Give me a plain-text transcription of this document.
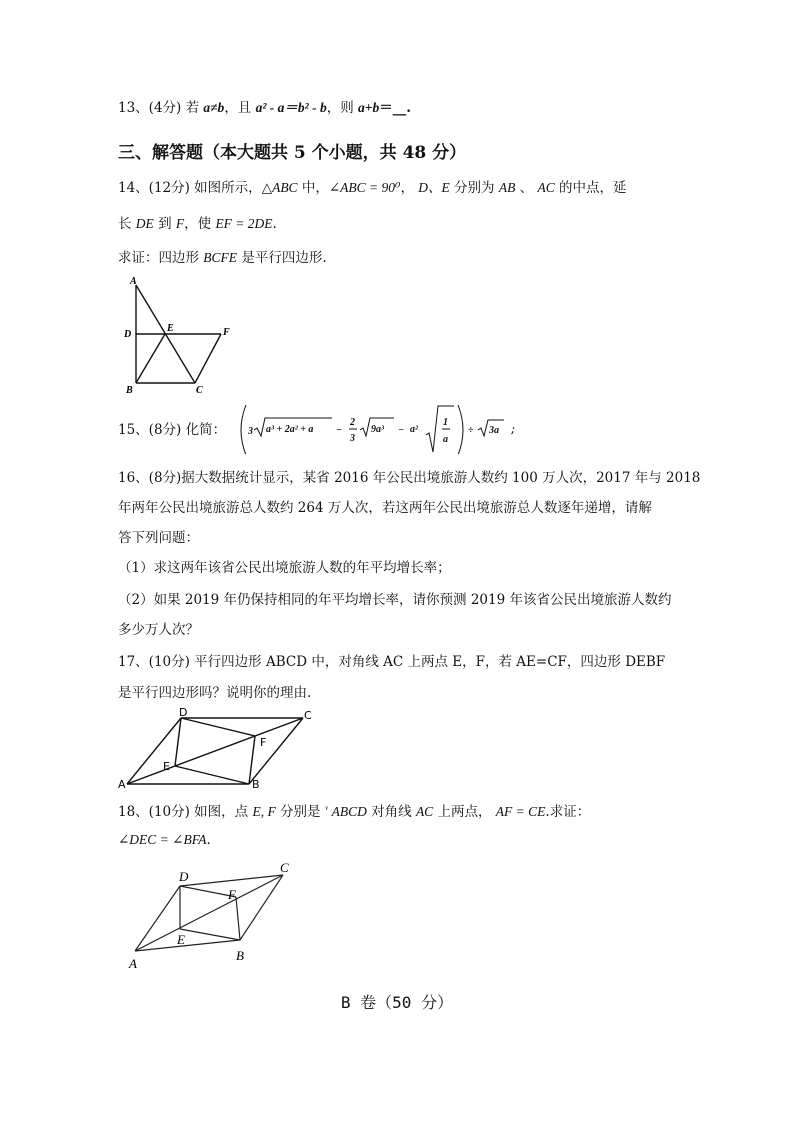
13、(4分) 若 a≠b，且 a² - a＝b² - b，则 a+b＝__.
三、解答题（本大题共 5 个小题，共 48 分）
14、(12分) 如图所示，△ABC 中，∠ABC = 90⁰， D、E 分别为 AB 、 AC 的中点，延
长 DE 到 F，使 EF = 2DE.
求证：四边形 BCFE 是平行四边形.
A
D
E	F
B	C
15、(8分) 化简： 3 a³ + 2a² + a −
2
3
9a³ − a²
1
a
÷ 3a ；
16、(8分)据大数据统计显示，某省 2016 年公民出境旅游人数约 100 万人次，2017 年与 2018
年两年公民出境旅游总人数约 264 万人次，若这两年公民出境旅游总人数逐年递增，请解
答下列问题：
（1）求这两年该省公民出境旅游人数的年平均增长率；
（2）如果 2019 年仍保持相同的年平均增长率，请你预测 2019 年该省公民出境旅游人数约
多少万人次？
17、(10分) 平行四边形 ABCD 中，对角线 AC 上两点 E，F，若 AE=CF，四边形 DEBF
是平行四边形吗？说明你的理由.
A	B
C
D
E
F
18、(10分) 如图，点 E, F 分别是 $^ᵞ$ ABCD 对角线 AC 上两点， AF = CE.求证：
∠DEC = ∠BFA.
A
B
C
D
E
F
B 卷（50 分）
